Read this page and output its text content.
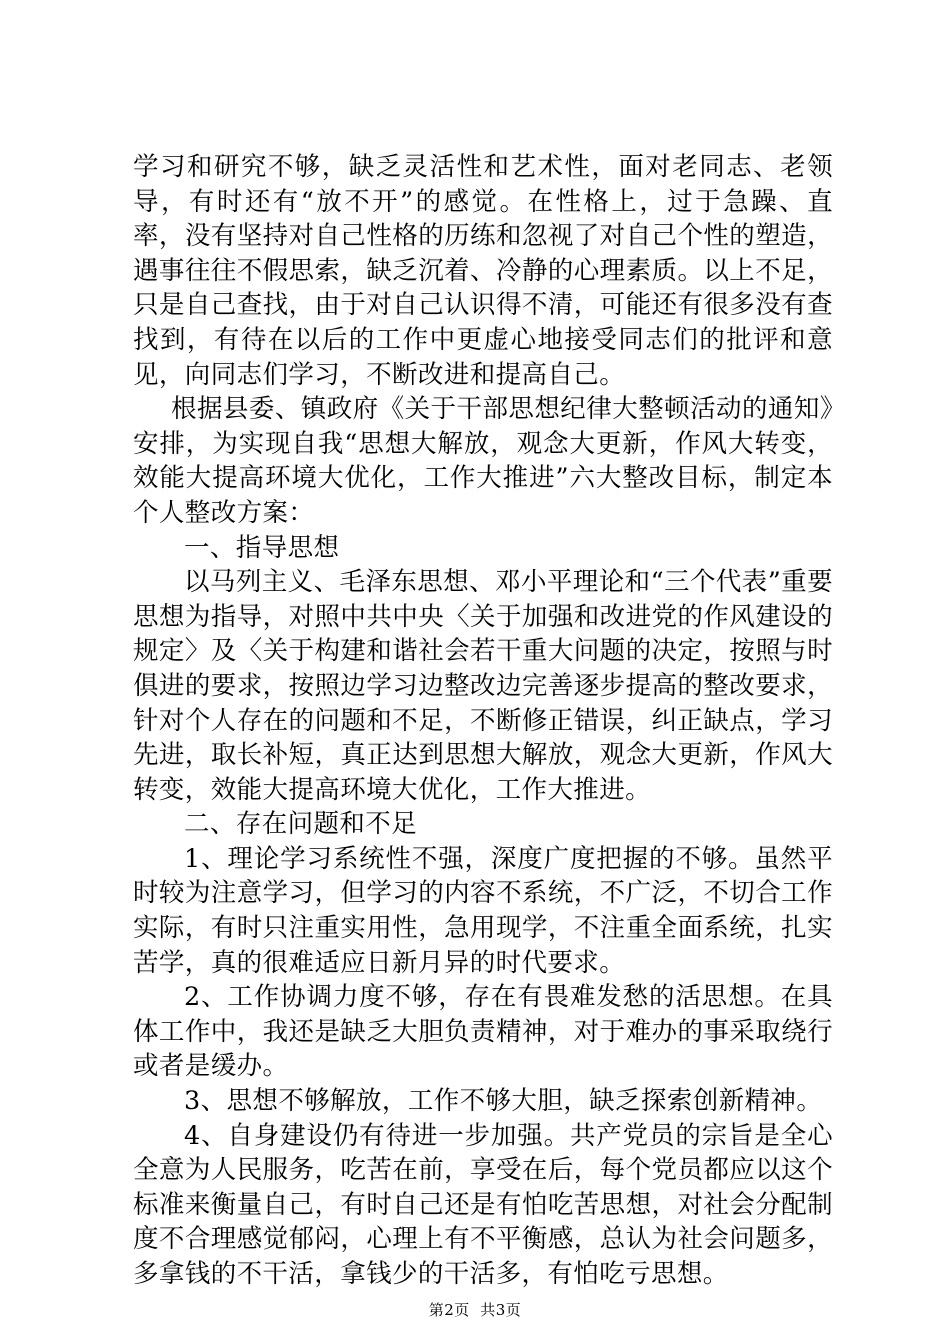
学习和研究不够，缺乏灵活性和艺术性，面对老同志、老领导，有时还有“放不开”的感觉。在性格上，过于急躁、直率，没有坚持对自己性格的历练和忽视了对自己个性的塑造，遇事往往不假思索，缺乏沉着、冷静的心理素质。以上不足，只是自己查找，由于对自己认识得不清，可能还有很多没有查找到，有待在以后的工作中更虚心地接受同志们的批评和意见，向同志们学习，不断改进和提高自己。

根据县委、镇政府《关于干部思想纪律大整顿活动的通知》安排，为实现自我“思想大解放，观念大更新，作风大转变，效能大提高环境大优化，工作大推进”六大整改目标，制定本个人整改方案：

一、指导思想

以马列主义、毛泽东思想、邓小平理论和“三个代表”重要思想为指导，对照中共中央〈关于加强和改进党的作风建设的规定〉及〈关于构建和谐社会若干重大问题的决定，按照与时俱进的要求，按照边学习边整改边完善逐步提高的整改要求，针对个人存在的问题和不足，不断修正错误，纠正缺点，学习先进，取长补短，真正达到思想大解放，观念大更新，作风大转变，效能大提高环境大优化，工作大推进。

二、存在问题和不足

1、理论学习系统性不强，深度广度把握的不够。虽然平时较为注意学习，但学习的内容不系统，不广泛，不切合工作实际，有时只注重实用性，急用现学，不注重全面系统，扎实苦学，真的很难适应日新月异的时代要求。

2、工作协调力度不够，存在有畏难发愁的活思想。在具体工作中，我还是缺乏大胆负责精神，对于难办的事采取绕行或者是缓办。

3、思想不够解放，工作不够大胆，缺乏探索创新精神。

4、自身建设仍有待进一步加强。共产党员的宗旨是全心全意为人民服务，吃苦在前，享受在后，每个党员都应以这个标准来衡量自己，有时自己还是有怕吃苦思想，对社会分配制度不合理感觉郁闷，心理上有不平衡感，总认为社会问题多，多拿钱的不干活，拿钱少的干活多，有怕吃亏思想。

第2页  共3页
